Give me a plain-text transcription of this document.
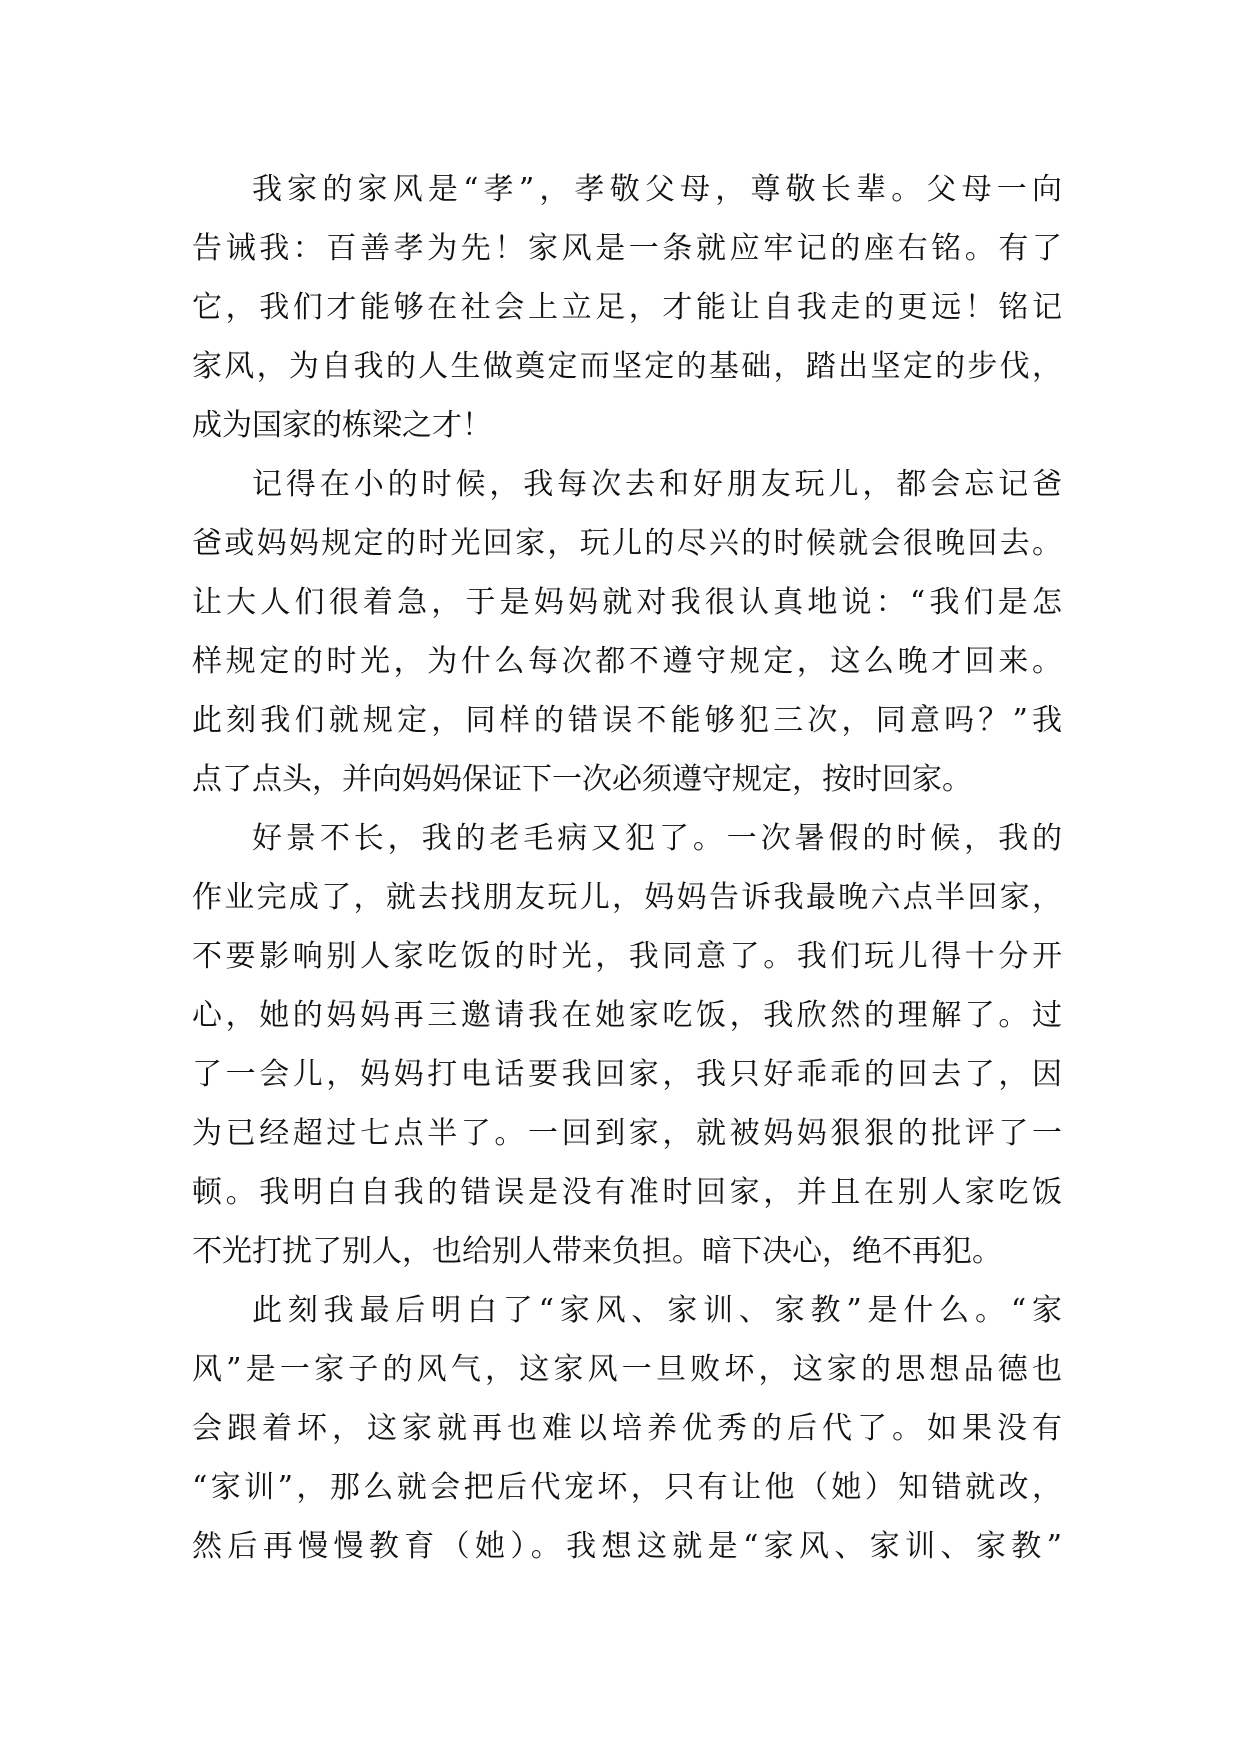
我家的家风是“孝”，孝敬父母，尊敬长辈。父母一向
告诫我：百善孝为先！家风是一条就应牢记的座右铭。有了
它，我们才能够在社会上立足，才能让自我走的更远！铭记
家风，为自我的人生做奠定而坚定的基础，踏出坚定的步伐，
成为国家的栋梁之才！
记得在小的时候，我每次去和好朋友玩儿，都会忘记爸
爸或妈妈规定的时光回家，玩儿的尽兴的时候就会很晚回去。
让大人们很着急，于是妈妈就对我很认真地说：“我们是怎
样规定的时光，为什么每次都不遵守规定，这么晚才回来。
此刻我们就规定，同样的错误不能够犯三次，同意吗？”我
点了点头，并向妈妈保证下一次必须遵守规定，按时回家。
好景不长，我的老毛病又犯了。一次暑假的时候，我的
作业完成了，就去找朋友玩儿，妈妈告诉我最晚六点半回家，
不要影响别人家吃饭的时光，我同意了。我们玩儿得十分开
心，她的妈妈再三邀请我在她家吃饭，我欣然的理解了。过
了一会儿，妈妈打电话要我回家，我只好乖乖的回去了，因
为已经超过七点半了。一回到家，就被妈妈狠狠的批评了一
顿。我明白自我的错误是没有准时回家，并且在别人家吃饭
不光打扰了别人，也给别人带来负担。暗下决心，绝不再犯。
此刻我最后明白了“家风、家训、家教”是什么。“家
风”是一家子的风气，这家风一旦败坏，这家的思想品德也
会跟着坏，这家就再也难以培养优秀的后代了。如果没有
“家训”，那么就会把后代宠坏，只有让他（她）知错就改，
然后再慢慢教育（她）。我想这就是“家风、家训、家教”
